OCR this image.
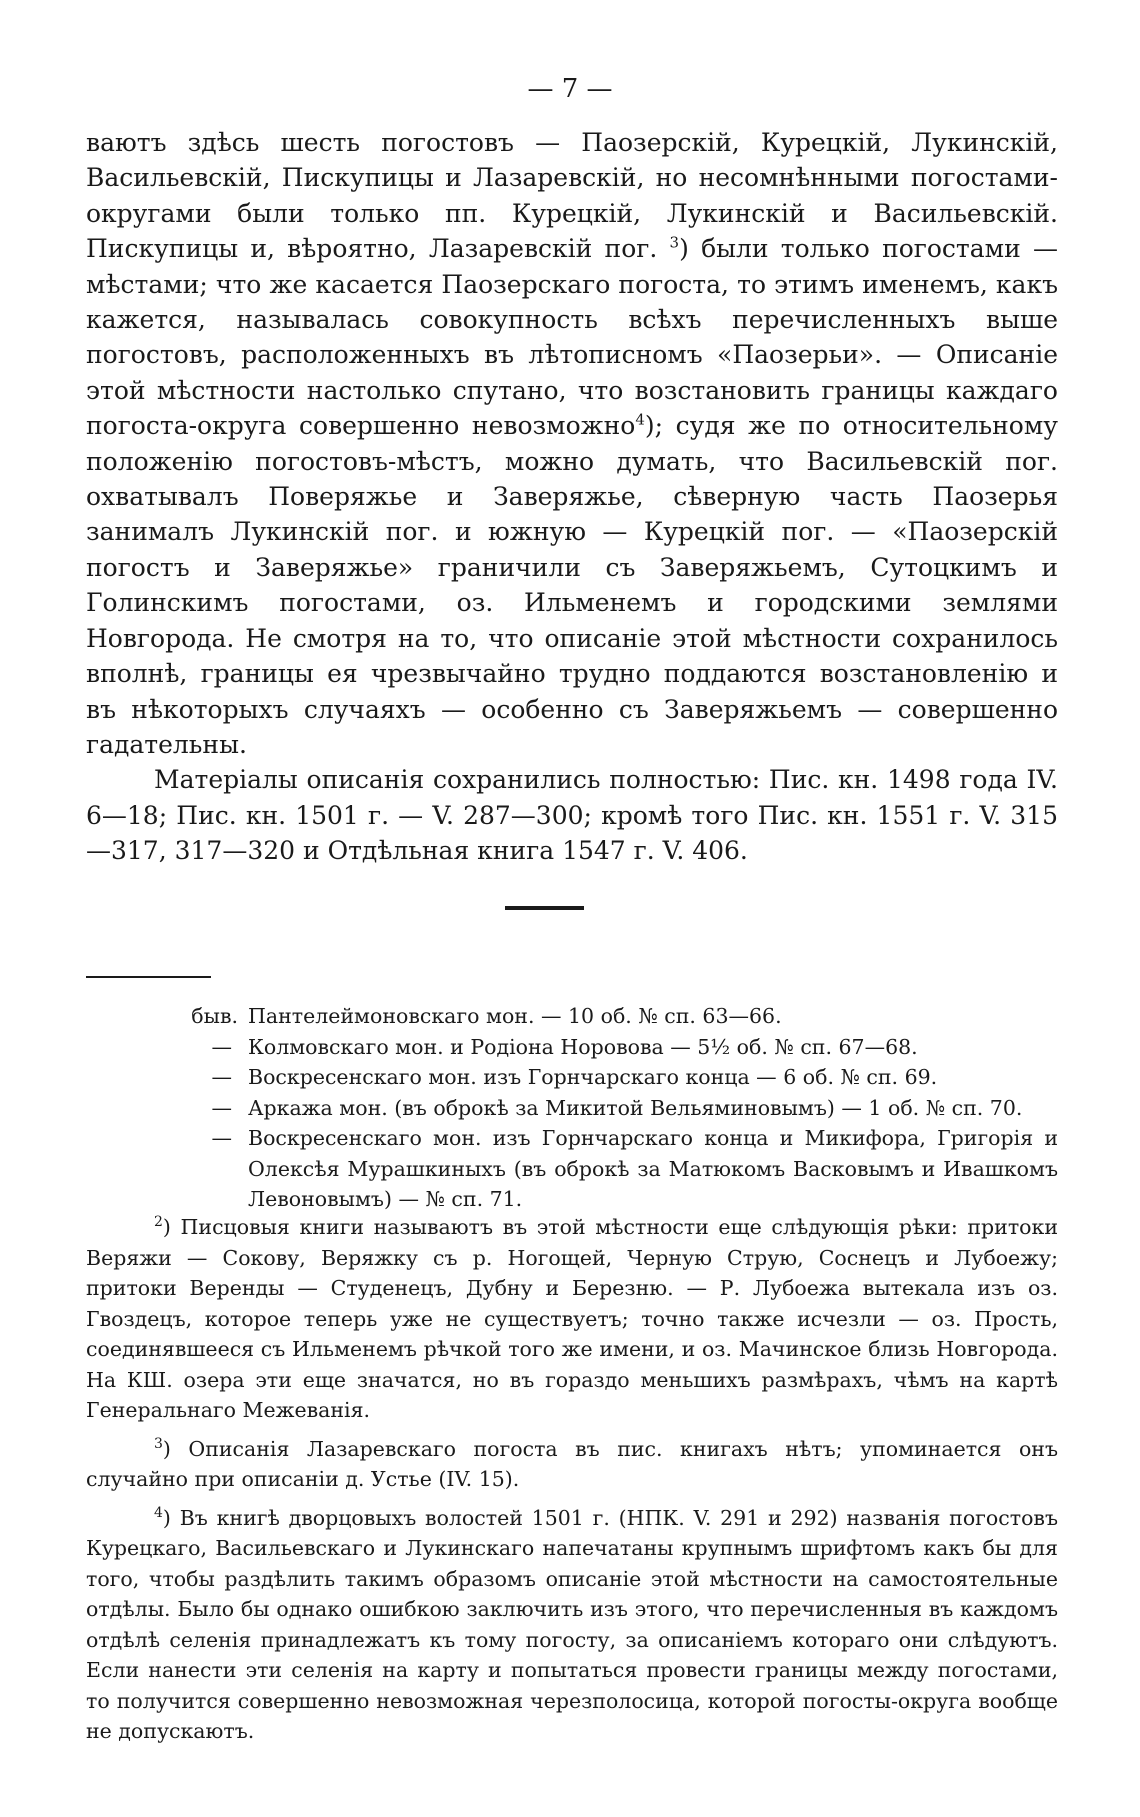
— 7 —

ваютъ здѣсь шесть погостовъ — Паозерскій, Курецкій, Лукинскій, Васильевскій, Пискупицы и Лазаревскій, но несомнѣнными погостами-округами были только пп. Курецкій, Лукинскій и Васильевскій. Пискупицы и, вѣроятно, Лазаревскій пог. $^3$) были только погостами — мѣстами; что же касается Паозерскаго погоста, то этимъ именемъ, какъ кажется, называлась совокупность всѣхъ перечисленныхъ выше погостовъ, расположенныхъ въ лѣтописномъ «Паозерьи». — Описаніе этой мѣстности настолько спутано, что возстановить границы каждаго погоста-округа совершенно невозможно$^4$); судя же по относительному положенію погостовъ-мѣстъ, можно думать, что Васильевскій пог. охватывалъ Поверяжье и Заверяжье, сѣверную часть Паозерья занималъ Лукинскій пог. и южную — Курецкій пог. — «Паозерскій погостъ и Заверяжье» граничили съ Заверяжьемъ, Сутоцкимъ и Голинскимъ погостами, оз. Ильменемъ и городскими землями Новгорода. Не смотря на то, что описаніе этой мѣстности сохранилось вполнѣ, границы ея чрезвычайно трудно поддаются возстановленію и въ нѣкоторыхъ случаяхъ — особенно съ Заверяжьемъ — совершенно гадательны.

Матеріалы описанія сохранились полностью: Пис. кн. 1498 года IV. 6—18; Пис. кн. 1501 г. — V. 287—300; кромѣ того Пис. кн. 1551 г. V. 315—317, 317—320 и Отдѣльная книга 1547 г. V. 406.

быв. Пантелеймоновскаго мон. — 10 об. № сп. 63—66.
— Колмовскаго мон. и Родіона Норовова — 5½ об. № сп. 67—68.
— Воскресенскаго мон. изъ Горнчарскаго конца — 6 об. № сп. 69.
— Аркажа мон. (въ оброкѣ за Микитой Вельяминовымъ) — 1 об. № сп. 70.
— Воскресенскаго мон. изъ Горнчарскаго конца и Микифора, Григорія и Олексѣя Мурашкиныхъ (въ оброкѣ за Матюкомъ Васковымъ и Ивашкомъ Левоновымъ) — № сп. 71.

$^2$) Писцовыя книги называютъ въ этой мѣстности еще слѣдующія рѣки: притоки Веряжи — Сокову, Веряжку съ р. Ногощей, Черную Струю, Соснецъ и Лубоежу; притоки Веренды — Студенецъ, Дубну и Березню. — Р. Лубоежа вытекала изъ оз. Гвоздецъ, которое теперь уже не существуетъ; точно также исчезли — оз. Прость, соединявшееся съ Ильменемъ рѣчкой того же имени, и оз. Мачинское близь Новгорода. На КШ. озера эти еще значатся, но въ гораздо меньшихъ размѣрахъ, чѣмъ на картѣ Генеральнаго Межеванія.

$^3$) Описанія Лазаревскаго погоста въ пис. книгахъ нѣтъ; упоминается онъ случайно при описаніи д. Устье (IV. 15).

$^4$) Въ книгѣ дворцовыхъ волостей 1501 г. (НПК. V. 291 и 292) названія погостовъ Курецкаго, Васильевскаго и Лукинскаго напечатаны крупнымъ шрифтомъ какъ бы для того, чтобы раздѣлить такимъ образомъ описаніе этой мѣстности на самостоятельные отдѣлы. Было бы однако ошибкою заключить изъ этого, что перечисленныя въ каждомъ отдѣлѣ селенія принадлежатъ къ тому погосту, за описаніемъ котораго они слѣдуютъ. Если нанести эти селенія на карту и попытаться провести границы между погостами, то получится совершенно невозможная черезполосица, которой погосты-округа вообще не допускаютъ.
